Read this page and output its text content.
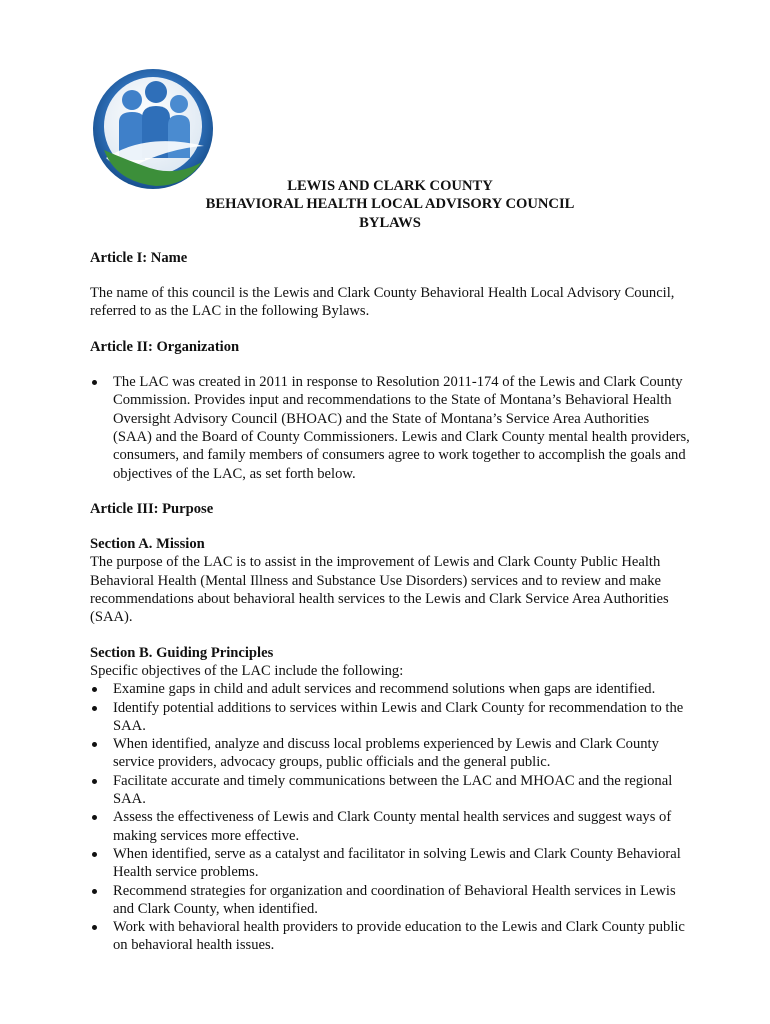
LEWIS AND CLARK COUNTY
BEHAVIORAL HEALTH LOCAL ADVISORY COUNCIL
BYLAWS
Article I: Name

The name of this council is the Lewis and Clark County Behavioral Health Local Advisory Council, referred to as the LAC in the following Bylaws.

Article II: Organization
The LAC was created in 2011 in response to Resolution 2011-174 of the Lewis and Clark County Commission. Provides input and recommendations to the State of Montana’s Behavioral Health Oversight Advisory Council (BHOAC) and the State of Montana’s Service Area Authorities (SAA) and the Board of County Commissioners. Lewis and Clark County mental health providers, consumers, and family members of consumers agree to work together to accomplish the goals and objectives of the LAC, as set forth below.
Article III: Purpose
Section A. Mission

The purpose of the LAC is to assist in the improvement of Lewis and Clark County Public Health Behavioral Health (Mental Illness and Substance Use Disorders) services and to review and make recommendations about behavioral health services to the Lewis and Clark Service Area Authorities (SAA).

Section B. Guiding Principles

Specific objectives of the LAC include the following:

Examine gaps in child and adult services and recommend solutions when gaps are identified.
Identify potential additions to services within Lewis and Clark County for recommendation to the SAA.
When identified, analyze and discuss local problems experienced by Lewis and Clark County service providers, advocacy groups, public officials and the general public.
Facilitate accurate and timely communications between the LAC and MHOAC and the regional SAA.
Assess the effectiveness of Lewis and Clark County mental health services and suggest ways of making services more effective.
When identified, serve as a catalyst and facilitator in solving Lewis and Clark County Behavioral Health service problems.
Recommend strategies for organization and coordination of Behavioral Health services in Lewis and Clark County, when identified.
Work with behavioral health providers to provide education to the Lewis and Clark County public on behavioral health issues.
